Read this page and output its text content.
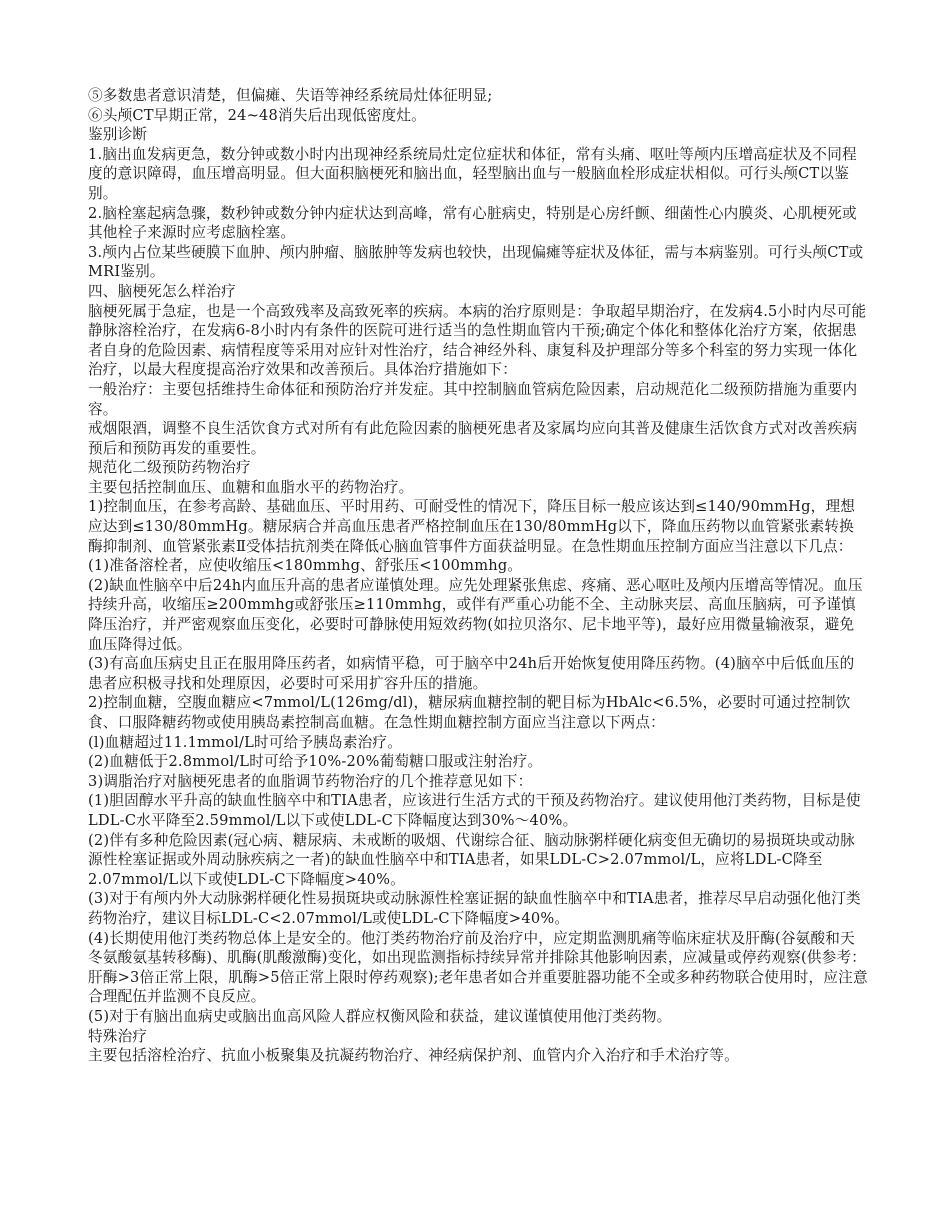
⑤多数患者意识清楚，但偏瘫、失语等神经系统局灶体征明显;

⑥头颅CT早期正常，24~48消失后出现低密度灶。

鉴别诊断

1.脑出血发病更急，数分钟或数小时内出现神经系统局灶定位症状和体征，常有头痛、呕吐等颅内压增高症状及不同程度的意识障碍，血压增高明显。但大面积脑梗死和脑出血，轻型脑出血与一般脑血栓形成症状相似。可行头颅CT以鉴别。

2.脑栓塞起病急骤，数秒钟或数分钟内症状达到高峰，常有心脏病史，特别是心房纤颤、细菌性心内膜炎、心肌梗死或其他栓子来源时应考虑脑栓塞。

3.颅内占位某些硬膜下血肿、颅内肿瘤、脑脓肿等发病也较快，出现偏瘫等症状及体征，需与本病鉴别。可行头颅CT或MRI鉴别。

四、脑梗死怎么样治疗

脑梗死属于急症，也是一个高致残率及高致死率的疾病。本病的治疗原则是：争取超早期治疗，在发病4.5小时内尽可能静脉溶栓治疗，在发病6-8小时内有条件的医院可进行适当的急性期血管内干预;确定个体化和整体化治疗方案，依据患者自身的危险因素、病情程度等采用对应针对性治疗，结合神经外科、康复科及护理部分等多个科室的努力实现一体化治疗，以最大程度提高治疗效果和改善预后。具体治疗措施如下：

一般治疗：主要包括维持生命体征和预防治疗并发症。其中控制脑血管病危险因素，启动规范化二级预防措施为重要内容。

戒烟限酒，调整不良生活饮食方式对所有有此危险因素的脑梗死患者及家属均应向其普及健康生活饮食方式对改善疾病预后和预防再发的重要性。

规范化二级预防药物治疗

主要包括控制血压、血糖和血脂水平的药物治疗。

1)控制血压，在参考高龄、基础血压、平时用药、可耐受性的情况下，降压目标一般应该达到≤140/90mmHg，理想应达到≤130/80mmHg。糖尿病合并高血压患者严格控制血压在130/80mmHg以下，降血压药物以血管紧张素转换酶抑制剂、血管紧张素Ⅱ受体拮抗剂类在降低心脑血管事件方面获益明显。在急性期血压控制方面应当注意以下几点：

(1)准备溶栓者，应使收缩压<180mmhg、舒张压<100mmhg。

(2)缺血性脑卒中后24h内血压升高的患者应谨慎处理。应先处理紧张焦虑、疼痛、恶心呕吐及颅内压增高等情况。血压持续升高，收缩压≥200mmhg或舒张压≥110mmhg，或伴有严重心功能不全、主动脉夹层、高血压脑病，可予谨慎降压治疗，并严密观察血压变化，必要时可静脉使用短效药物(如拉贝洛尔、尼卡地平等)，最好应用微量输液泵，避免血压降得过低。

(3)有高血压病史且正在服用降压药者，如病情平稳，可于脑卒中24h后开始恢复使用降压药物。(4)脑卒中后低血压的患者应积极寻找和处理原因，必要时可采用扩容升压的措施。

2)控制血糖，空腹血糖应<7mmol/L(126mg/dl)，糖尿病血糖控制的靶目标为HbAlc<6.5%，必要时可通过控制饮食、口服降糖药物或使用胰岛素控制高血糖。在急性期血糖控制方面应当注意以下两点：

(l)血糖超过11.1mmol/L时可给予胰岛素治疗。

(2)血糖低于2.8mmol/L时可给予10%-20%葡萄糖口服或注射治疗。

3)调脂治疗对脑梗死患者的血脂调节药物治疗的几个推荐意见如下：

(1)胆固醇水平升高的缺血性脑卒中和TIA患者，应该进行生活方式的干预及药物治疗。建议使用他汀类药物，目标是使LDL-C水平降至2.59mmol/L以下或使LDL-C下降幅度达到30%～40%。

(2)伴有多种危险因素(冠心病、糖尿病、未戒断的吸烟、代谢综合征、脑动脉粥样硬化病变但无确切的易损斑块或动脉源性栓塞证据或外周动脉疾病之一者)的缺血性脑卒中和TIA患者，如果LDL-C>2.07mmol/L，应将LDL-C降至2.07mmol/L以下或使LDL-C下降幅度>40%。

(3)对于有颅内外大动脉粥样硬化性易损斑块或动脉源性栓塞证据的缺血性脑卒中和TIA患者，推荐尽早启动强化他汀类药物治疗，建议目标LDL-C<2.07mmol/L或使LDL-C下降幅度>40%。

(4)长期使用他汀类药物总体上是安全的。他汀类药物治疗前及治疗中，应定期监测肌痛等临床症状及肝酶(谷氨酸和天冬氨酸氨基转移酶)、肌酶(肌酸激酶)变化，如出现监测指标持续异常并排除其他影响因素，应减量或停药观察(供参考：肝酶>3倍正常上限，肌酶>5倍正常上限时停药观察);老年患者如合并重要脏器功能不全或多种药物联合使用时，应注意合理配伍并监测不良反应。

(5)对于有脑出血病史或脑出血高风险人群应权衡风险和获益，建议谨慎使用他汀类药物。

特殊治疗

主要包括溶栓治疗、抗血小板聚集及抗凝药物治疗、神经病保护剂、血管内介入治疗和手术治疗等。
